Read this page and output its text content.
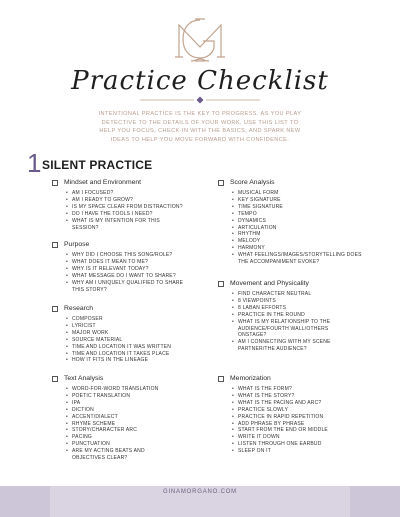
Practice Checklist
INTENTIONAL PRACTICE IS THE KEY TO PROGRESS. AS YOU PLAY DETECTIVE TO THE DETAILS OF YOUR WORK, USE THIS LIST TO HELP YOU FOCUS, CHECK-IN WITH THE BASICS, AND SPARK NEW IDEAS TO HELP YOU MOVE FORWARD WITH CONFIDENCE.
1 SILENT PRACTICE
Mindset and Environment
• AM I FOCUSED?
• AM I READY TO GROW?
• IS MY SPACE CLEAR FROM DISTRACTION?
• DO I HAVE THE TOOLS I NEED?
• WHAT IS MY INTENTION FOR THIS SESSION?
Purpose
• WHY DID I CHOOSE THIS SONG/ROLE?
• WHAT DOES IT MEAN TO ME?
• WHY IS IT RELEVANT TODAY?
• WHAT MESSAGE DO I WANT TO SHARE?
• WHY AM I UNIQUELY QUALIFIED TO SHARE THIS STORY?
Research
• COMPOSER
• LYRICIST
• MAJOR WORK
• SOURCE MATERIAL
• TIME AND LOCATION IT WAS WRITTEN
• TIME AND LOCATION IT TAKES PLACE
• HOW IT FITS IN THE LINEAGE
Text Analysis
• WORD-FOR-WORD TRANSLATION
• POETIC TRANSLATION
• IPA
• DICTION
• ACCENT/DIALECT
• RHYME SCHEME
• STORY/CHARACTER ARC
• PACING
• PUNCTUATION
• ARE MY ACTING BEATS AND OBJECTIVES CLEAR?
Score Analysis
• MUSICAL FORM
• KEY SIGNATURE
• TIME SIGNATURE
• TEMPO
• DYNAMICS
• ARTICULATION
• RHYTHM
• MELODY
• HARMONY
• WHAT FEELINGS/IMAGES/STORYTELLING DOES THE ACCOMPANIMENT EVOKE?
Movement and Physicality
• FIND CHARACTER NEUTRAL
• 8 VIEWPOINTS
• 8 LABAN EFFORTS
• PRACTICE IN THE ROUND
• WHAT IS MY RELATIONSHIP TO THE AUDIENCE/FOURTH WALL/OTHERS ONSTAGE?
• AM I CONNECTING WITH MY SCENE PARTNER/THE AUDIENCE?
Memorization
• WHAT IS THE FORM?
• WHAT IS THE STORY?
• WHAT IS THE PACING AND ARC?
• PRACTICE SLOWLY
• PRACTICE IN RAPID REPETITION
• ADD PHRASE BY PHRASE
• START FROM THE END OR MIDDLE
• WRITE IT DOWN
• LISTEN THROUGH ONE EARBUD
• SLEEP ON IT
GINAMORGANO.COM
